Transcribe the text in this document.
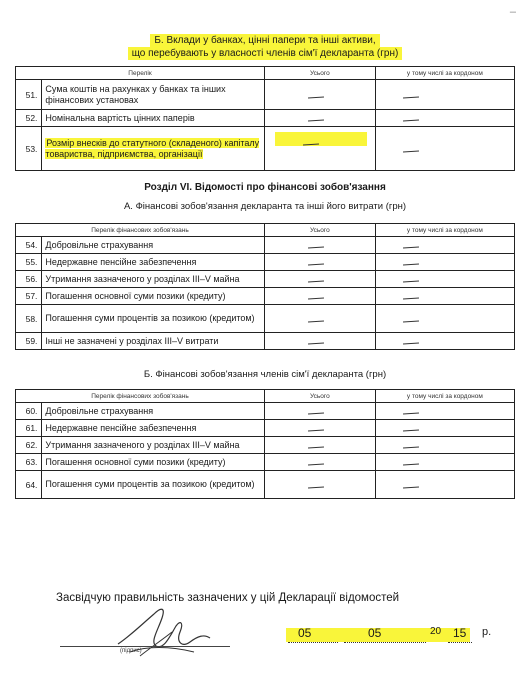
–
Б. Вклади у банках, цінні папери та інші активи,
що перебувають у власності членів сім'ї декларанта (грн)
Перелік		Усього	у тому числі за кордоном
51.	Сума коштів на рахунках у банках та інших фінансових установах		
52.	Номінальна вартість цінних паперів		
53.	Розмір внесків до статутного (складеного) капіталу товариства, підприємства, організації	

Розділ VI. Відомості про фінансові зобов'язання
А. Фінансові зобов'язання декларанта та інші його витрати (грн)
Перелік фінансових зобов'язань		Усього	у тому числі за кордоном
54.	Добровільне страхування		
55.	Недержавне пенсійне забезпечення		
56.	Утримання зазначеного у розділах III–V майна		
57.	Погашення основної суми позики (кредиту)		
58.	Погашення суми процентів за позикою (кредитом)		
59.	Інші не зазначені у розділах III–V витрати		
Б. Фінансові зобов'язання членів сім'ї декларанта (грн)
Перелік фінансових зобов'язань		Усього	у тому числі за кордоном
60.	Добровільне страхування		
61.	Недержавне пенсійне забезпечення		
62.	Утримання зазначеного у розділах III–V майна		
63.	Погашення основної суми позики (кредиту)		
64.	Погашення суми процентів за позикою (кредитом)		
Засвідчую правильність зазначених у цій Декларації відомостей
(підпис)
05	05	20 15 р.
